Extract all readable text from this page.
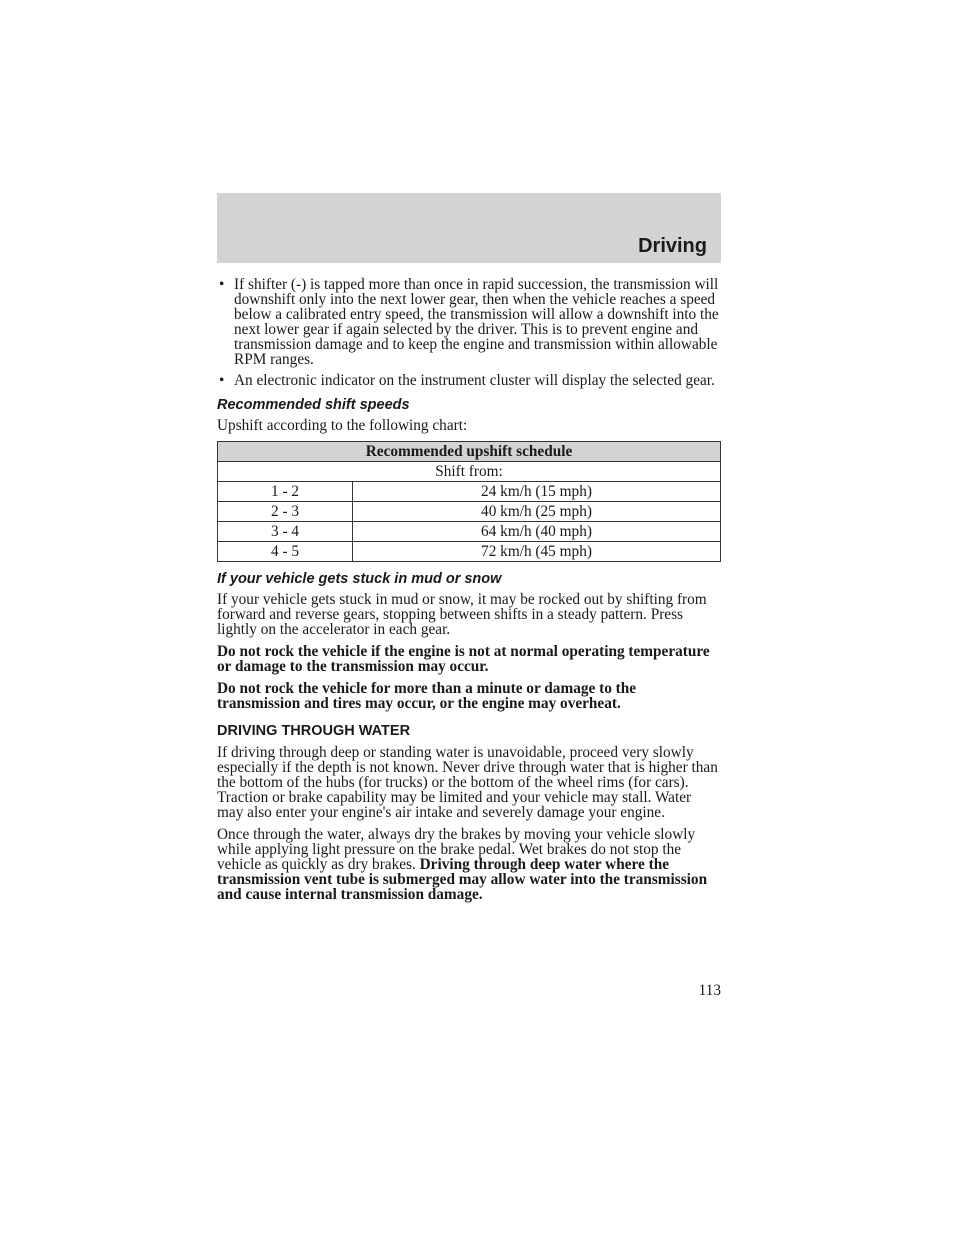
Driving
• If shifter (-) is tapped more than once in rapid succession, the transmission will downshift only into the next lower gear, then when the vehicle reaches a speed below a calibrated entry speed, the transmission will allow a downshift into the next lower gear if again selected by the driver. This is to prevent engine and transmission damage and to keep the engine and transmission within allowable RPM ranges.
• An electronic indicator on the instrument cluster will display the selected gear.
Recommended shift speeds

Upshift according to the following chart:

Recommended upshift schedule	
Shift from:	
1 - 2	24 km/h (15 mph)
2 - 3	40 km/h (25 mph)
3 - 4	64 km/h (40 mph)
4 - 5	72 km/h (45 mph)
If your vehicle gets stuck in mud or snow

If your vehicle gets stuck in mud or snow, it may be rocked out by shifting from forward and reverse gears, stopping between shifts in a steady pattern. Press lightly on the accelerator in each gear.

Do not rock the vehicle if the engine is not at normal operating temperature or damage to the transmission may occur.

Do not rock the vehicle for more than a minute or damage to the transmission and tires may occur, or the engine may overheat.

DRIVING THROUGH WATER

If driving through deep or standing water is unavoidable, proceed very slowly especially if the depth is not known. Never drive through water that is higher than the bottom of the hubs (for trucks) or the bottom of the wheel rims (for cars). Traction or brake capability may be limited and your vehicle may stall. Water may also enter your engine's air intake and severely damage your engine.

Once through the water, always dry the brakes by moving your vehicle slowly while applying light pressure on the brake pedal. Wet brakes do not stop the vehicle as quickly as dry brakes. Driving through deep water where the transmission vent tube is submerged may allow water into the transmission and cause internal transmission damage.

113
